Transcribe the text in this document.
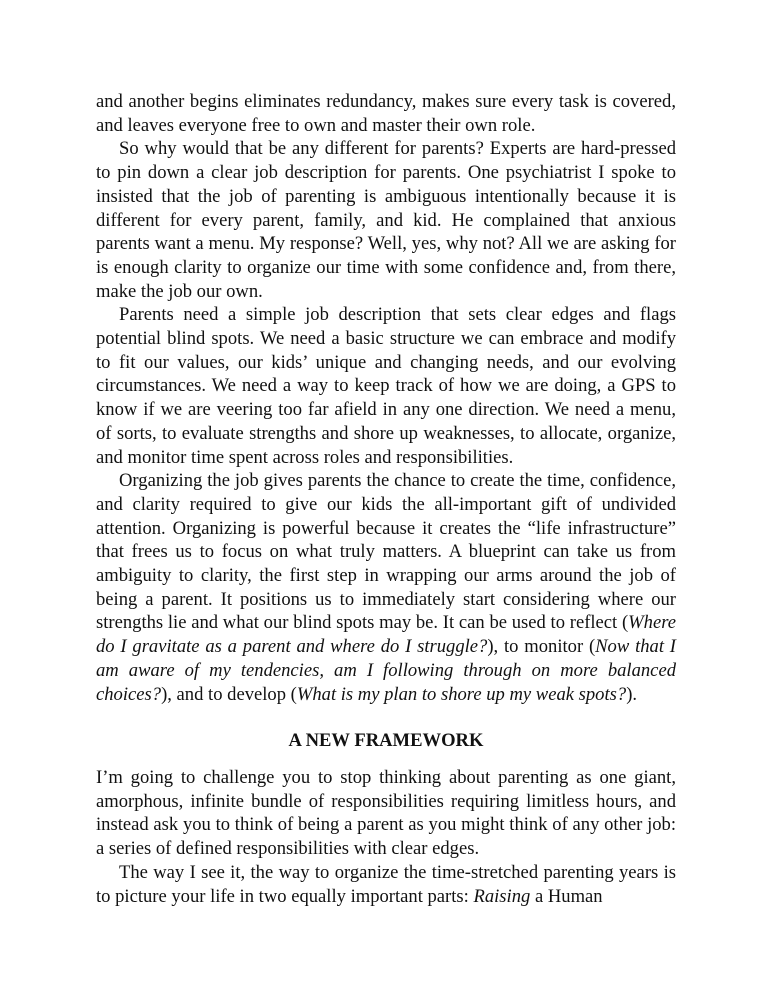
and another begins eliminates redundancy, makes sure every task is covered, and leaves everyone free to own and master their own role.

So why would that be any different for parents? Experts are hard-pressed to pin down a clear job description for parents. One psychiatrist I spoke to insisted that the job of parenting is ambiguous intentionally because it is different for every parent, family, and kid. He complained that anxious parents want a menu. My response? Well, yes, why not? All we are asking for is enough clarity to organize our time with some confidence and, from there, make the job our own.

Parents need a simple job description that sets clear edges and flags potential blind spots. We need a basic structure we can embrace and modify to fit our values, our kids’ unique and changing needs, and our evolving circumstances. We need a way to keep track of how we are doing, a GPS to know if we are veering too far afield in any one direction. We need a menu, of sorts, to evaluate strengths and shore up weaknesses, to allocate, organize, and monitor time spent across roles and responsibilities.

Organizing the job gives parents the chance to create the time, confidence, and clarity required to give our kids the all-important gift of undivided attention. Organizing is powerful because it creates the “life infrastructure” that frees us to focus on what truly matters. A blueprint can take us from ambiguity to clarity, the first step in wrapping our arms around the job of being a parent. It positions us to immediately start considering where our strengths lie and what our blind spots may be. It can be used to reflect (Where do I gravitate as a parent and where do I struggle?), to monitor (Now that I am aware of my tendencies, am I following through on more balanced choices?), and to develop (What is my plan to shore up my weak spots?).

A NEW FRAMEWORK

I’m going to challenge you to stop thinking about parenting as one giant, amorphous, infinite bundle of responsibilities requiring limitless hours, and instead ask you to think of being a parent as you might think of any other job: a series of defined responsibilities with clear edges.

The way I see it, the way to organize the time-stretched parenting years is to picture your life in two equally important parts: Raising a Human
